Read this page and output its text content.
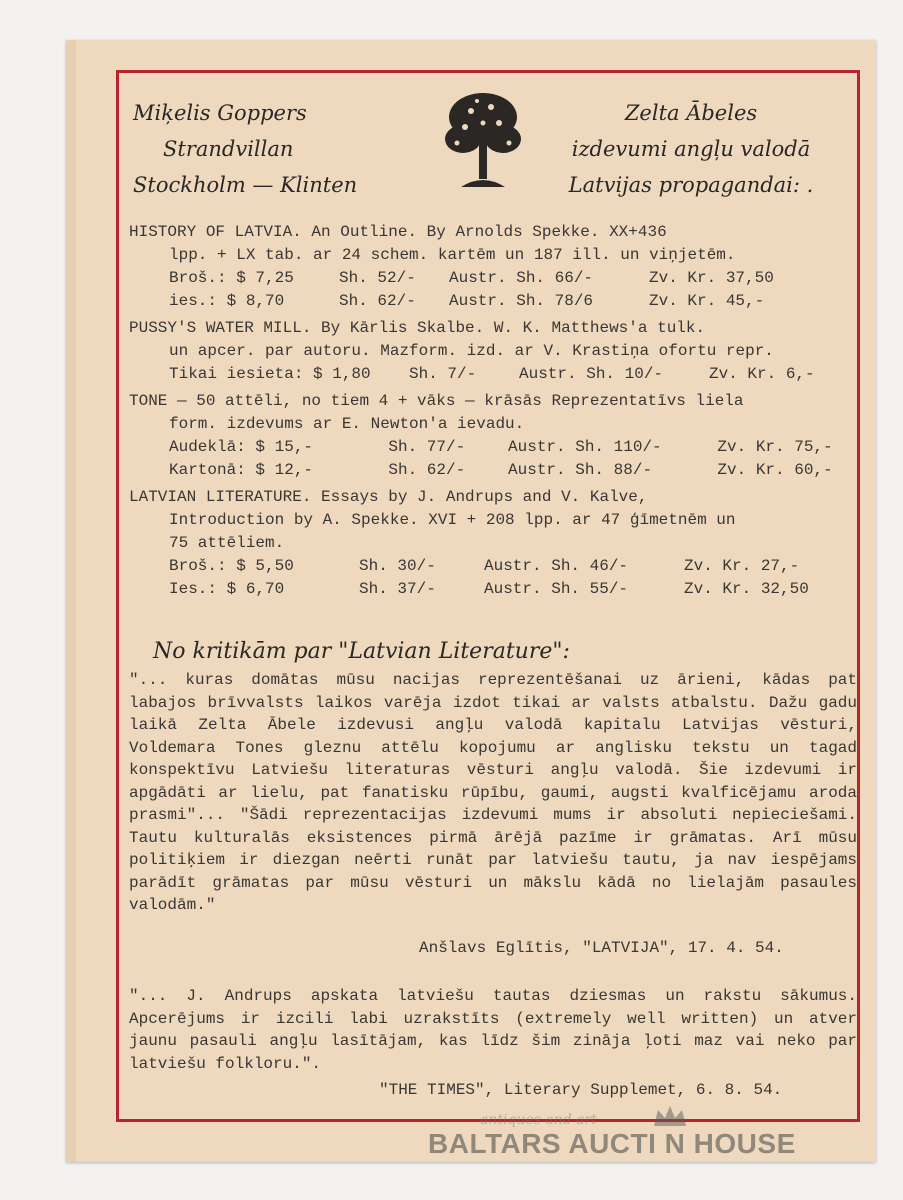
Miķelis Goppers
Strandvillan
Stockholm — Klinten
Zelta Ābeles
izdevumi angļu valodā
Latvijas propagandai: .
HISTORY OF LATVIA. An Outline. By Arnolds Spekke. XX+436
lpp. + LX tab. ar 24 schem. kartēm un 187 ill. un viņjetēm.
Broš.: $ 7,25	Sh. 52/-	Austr. Sh. 66/-	Zv. Kr. 37,50
ies.: $ 8,70	Sh. 62/-	Austr. Sh. 78/6	Zv. Kr. 45,-
PUSSY'S WATER MILL. By Kārlis Skalbe. W. K. Matthews'a tulk.
un apcer. par autoru. Mazform. izd. ar V. Krastiņa ofortu repr.
Tikai iesieta: $ 1,80	Sh. 7/-	Austr. Sh. 10/-	Zv. Kr. 6,-
TONE — 50 attēli, no tiem 4 + vāks — krāsās Reprezentatīvs liela
form. izdevums ar E. Newton'a ievadu.
Audeklā: $ 15,-	Sh. 77/-	Austr. Sh. 110/-	Zv. Kr. 75,-
Kartonā: $ 12,-	Sh. 62/-	Austr. Sh. 88/-	Zv. Kr. 60,-
LATVIAN LITERATURE. Essays by J. Andrups and V. Kalve,
Introduction by A. Spekke. XVI + 208 lpp. ar 47 ģīmetnēm un
75 attēliem.
Broš.: $ 5,50	Sh. 30/-	Austr. Sh. 46/-	Zv. Kr. 27,-
Ies.: $ 6,70	Sh. 37/-	Austr. Sh. 55/-	Zv. Kr. 32,50
No kritikām par "Latvian Literature":
"... kuras domātas mūsu nacijas reprezentēšanai uz ārieni, kādas pat labajos brīvvalsts laikos varēja izdot tikai ar valsts atbalstu. Dažu gadu laikā Zelta Ābele izdevusi angļu valodā kapitalu Latvijas vēsturi, Voldemara Tones gleznu attēlu kopojumu ar anglisku tekstu un tagad konspektīvu Latviešu literaturas vēsturi angļu valodā. Šie izdevumi ir apgādāti ar lielu, pat fanatisku rūpību, gaumi, augsti kvalficējamu aroda prasmi"... "Šādi reprezentacijas izdevumi mums ir absoluti nepieciešami. Tautu kulturalās eksistences pirmā ārējā pazīme ir grāmatas. Arī mūsu politiķiem ir diezgan neērti runāt par latviešu tautu, ja nav iespējams parādīt grāmatas par mūsu vēsturi un mākslu kādā no lielajām pasaules valodām."
Anšlavs Eglītis, "LATVIJA", 17. 4. 54.
"... J. Andrups apskata latviešu tautas dziesmas un rakstu sākumus. Apcerējums ir izcili labi uzrakstīts (extremely well written) un atver jaunu pasauli angļu lasītājam, kas līdz šim zināja ļoti maz vai neko par latviešu folkloru.".
"THE TIMES", Literary Supplemet, 6. 8. 54.
antiques and art
BALTARS AUCTI N HOUSE
